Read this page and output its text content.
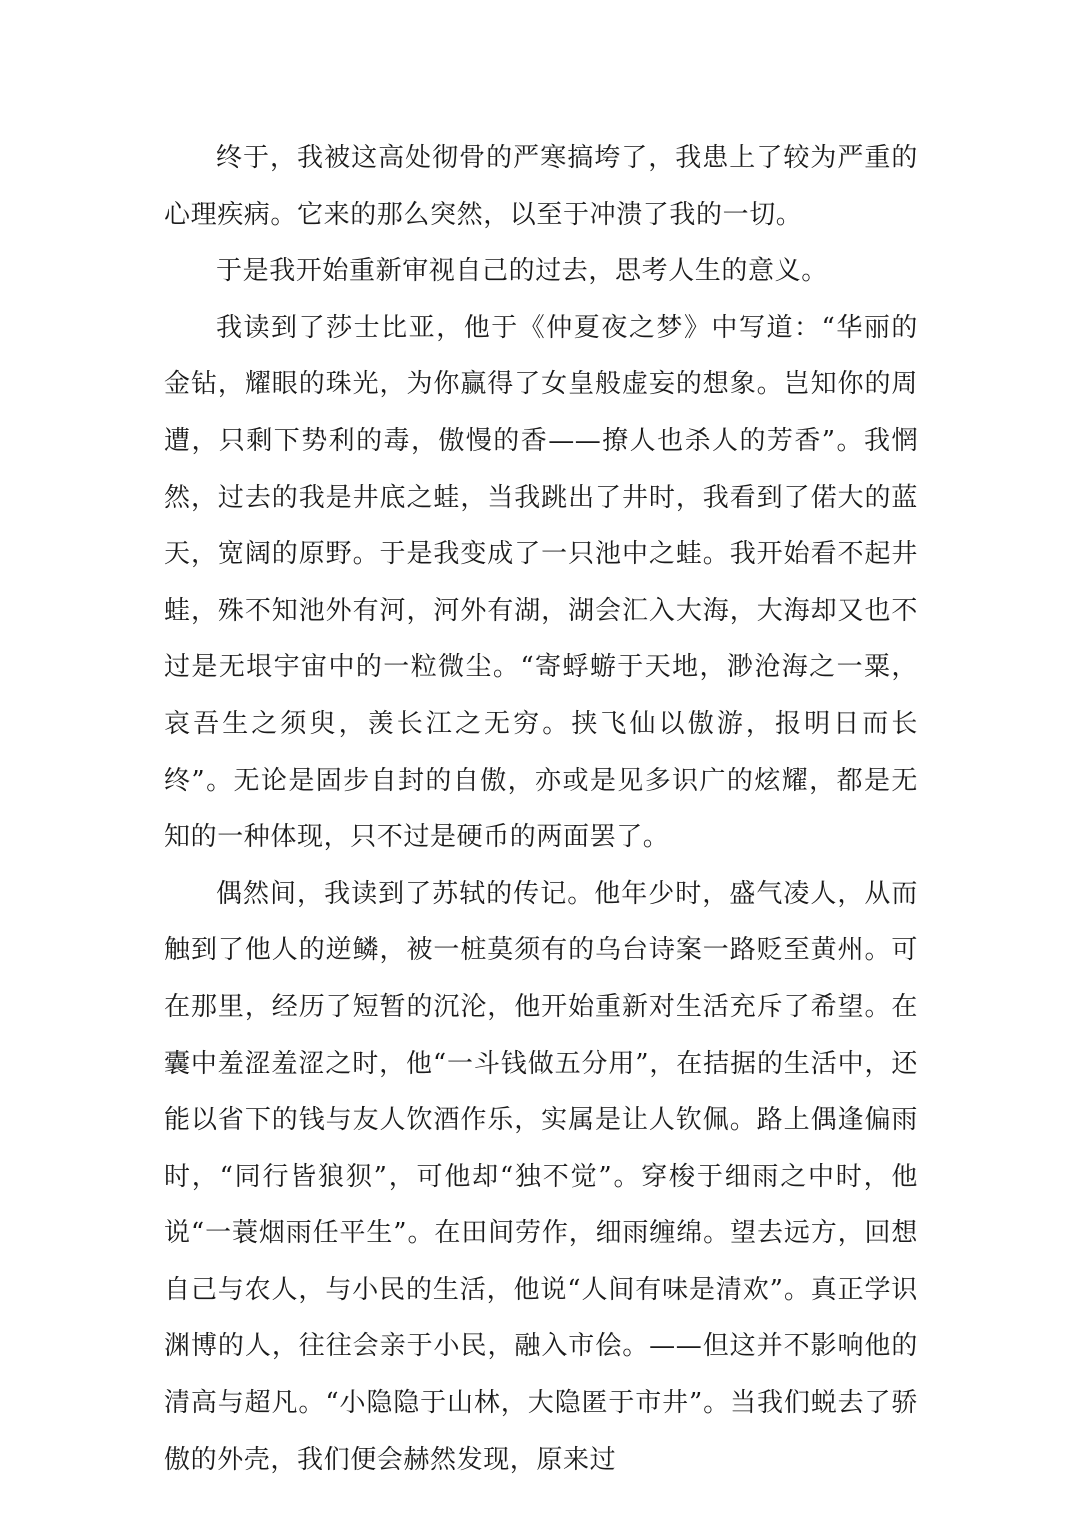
终于，我被这高处彻骨的严寒搞垮了，我患上了较为严重的心理疾病。它来的那么突然，以至于冲溃了我的一切。

于是我开始重新审视自己的过去，思考人生的意义。

我读到了莎士比亚，他于《仲夏夜之梦》中写道：“华丽的金钻，耀眼的珠光，为你赢得了女皇般虚妄的想象。岂知你的周遭，只剩下势利的毒，傲慢的香——撩人也杀人的芳香”。我惘然，过去的我是井底之蛙，当我跳出了井时，我看到了偌大的蓝天，宽阔的原野。于是我变成了一只池中之蛙。我开始看不起井蛙，殊不知池外有河，河外有湖，湖会汇入大海，大海却又也不过是无垠宇宙中的一粒微尘。“寄蜉蝣于天地，渺沧海之一粟，哀吾生之须臾，羡长江之无穷。挟飞仙以傲游，报明日而长终”。无论是固步自封的自傲，亦或是见多识广的炫耀，都是无知的一种体现，只不过是硬币的两面罢了。

偶然间，我读到了苏轼的传记。他年少时，盛气凌人，从而触到了他人的逆鳞，被一桩莫须有的乌台诗案一路贬至黄州。可在那里，经历了短暂的沉沦，他开始重新对生活充斥了希望。在囊中羞涩羞涩之时，他“一斗钱做五分用”，在拮据的生活中，还能以省下的钱与友人饮酒作乐，实属是让人钦佩。路上偶逢偏雨时，“同行皆狼狈”，可他却“独不觉”。穿梭于细雨之中时，他说“一蓑烟雨任平生”。在田间劳作，细雨缠绵。望去远方，回想自己与农人，与小民的生活，他说“人间有味是清欢”。真正学识渊博的人，往往会亲于小民，融入市侩。——但这并不影响他的清高与超凡。“小隐隐于山林，大隐匿于市井”。当我们蜕去了骄傲的外壳，我们便会赫然发现，原来过
